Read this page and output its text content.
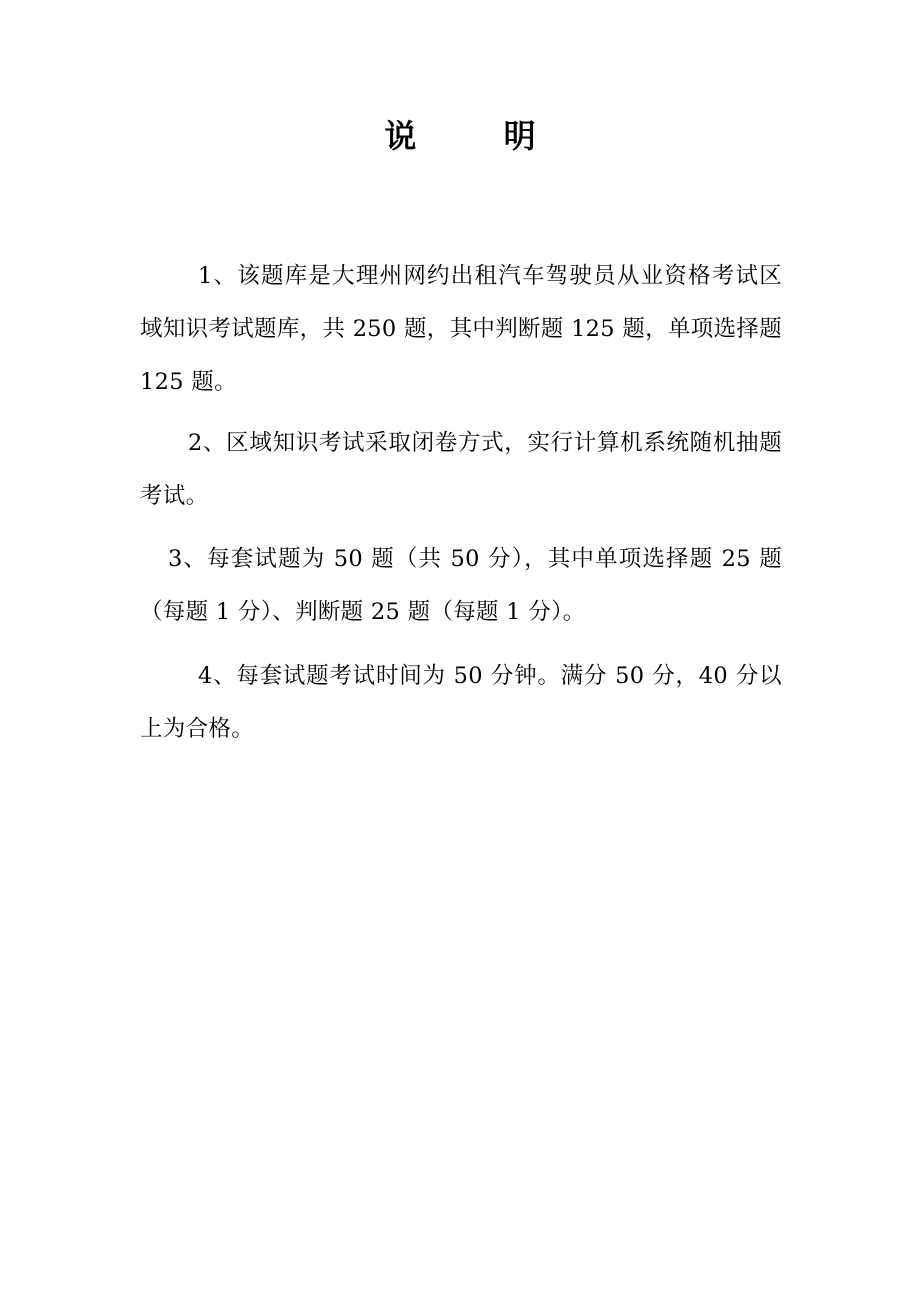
说 明

1、该题库是大理州网约出租汽车驾驶员从业资格考试区域知识考试题库，共 250 题，其中判断题 125 题，单项选择题 125 题。

2、区域知识考试采取闭卷方式，实行计算机系统随机抽题考试。

3、每套试题为 50 题（共 50 分），其中单项选择题 25 题（每题 1 分）、判断题 25 题（每题 1 分）。

4、每套试题考试时间为 50 分钟。满分 50 分，40 分以上为合格。
